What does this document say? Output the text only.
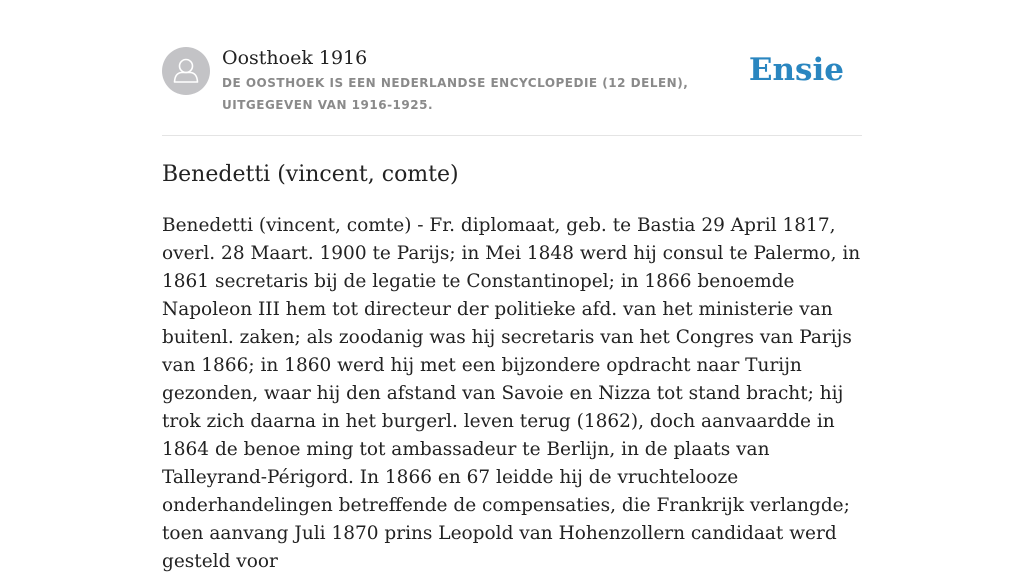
Oosthoek 1916
DE OOSTHOEK IS EEN NEDERLANDSE ENCYCLOPEDIE (12 DELEN), UITGEGEVEN VAN 1916-1925.
Ensie
Benedetti (vincent, comte)

Benedetti (vincent, comte) - Fr. diplomaat, geb. te Bastia 29 April 1817, overl. 28 Maart. 1900 te Parijs; in Mei 1848 werd hij consul te Palermo, in 1861 secretaris bij de legatie te Constantinopel; in 1866 benoemde Napoleon III hem tot directeur der politieke afd. van het ministerie van buitenl. zaken; als zoodanig was hij secretaris van het Congres van Parijs van 1866; in 1860 werd hij met een bijzondere opdracht naar Turijn gezonden, waar hij den afstand van Savoie en Nizza tot stand bracht; hij trok zich daarna in het burgerl. leven terug (1862), doch aanvaardde in 1864 de benoe ming tot ambassadeur te Berlijn, in de plaats van Talleyrand-Périgord. In 1866 en 67 leidde hij de vruchtelooze onderhandelingen betreffende de compensaties, die Frankrijk verlangde; toen aanvang Juli 1870 prins Leopold van Hohenzollern candidaat werd gesteld voor
